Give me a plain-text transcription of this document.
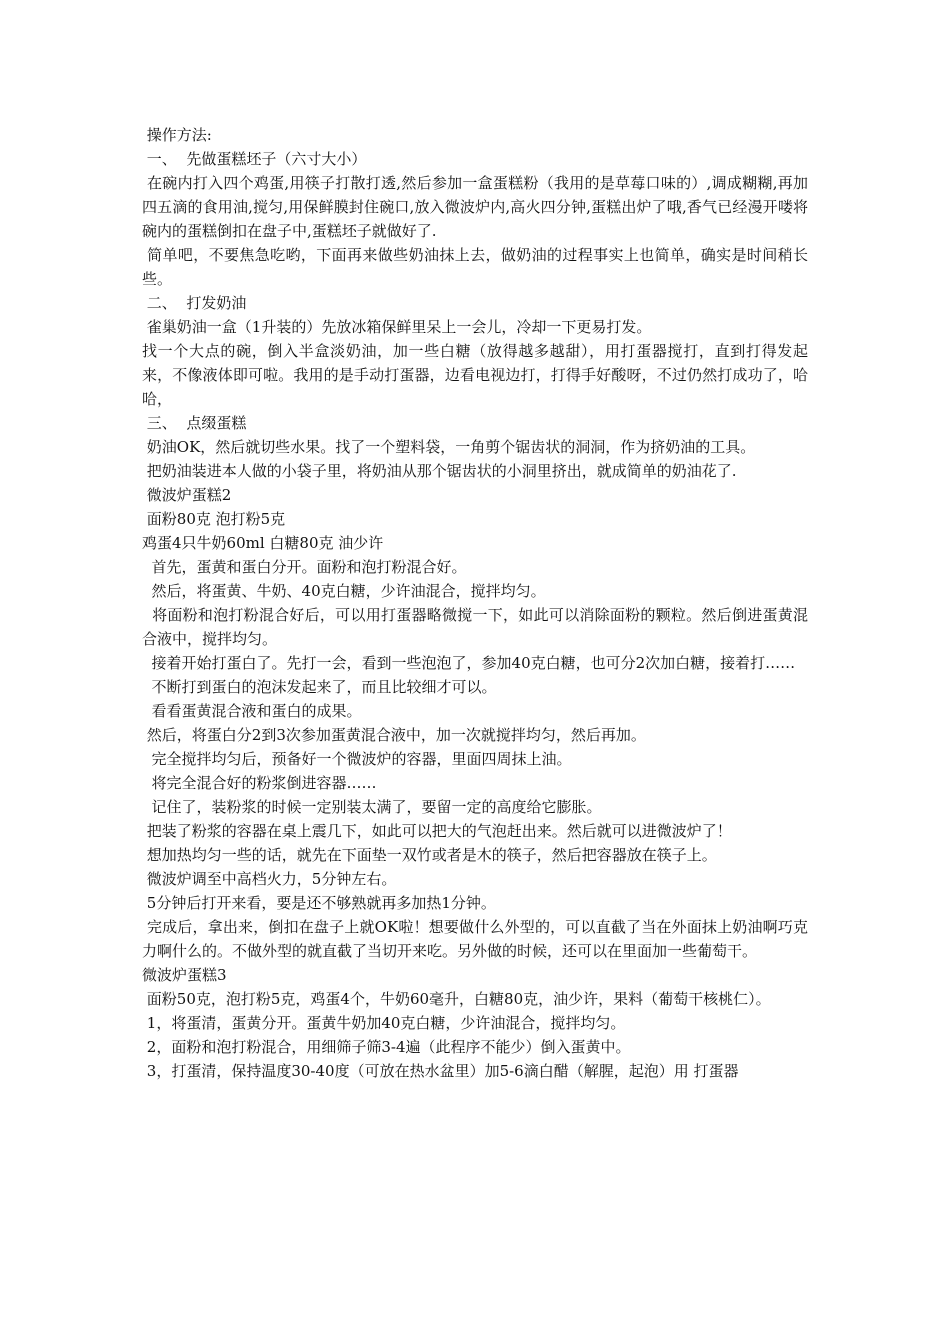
操作方法:

一、  先做蛋糕坯子（六寸大小）

在碗内打入四个鸡蛋,用筷子打散打透,然后参加一盒蛋糕粉（我用的是草莓口味的）,调成糊糊,再加四五滴的食用油,搅匀,用保鲜膜封住碗口,放入微波炉内,高火四分钟,蛋糕出炉了哦,香气已经漫开喽将碗内的蛋糕倒扣在盘子中,蛋糕坯子就做好了.

简单吧，不要焦急吃哟，下面再来做些奶油抹上去，做奶油的过程事实上也简单，确实是时间稍长些。

二、  打发奶油

雀巢奶油一盒（1升装的）先放冰箱保鲜里呆上一会儿，冷却一下更易打发。

找一个大点的碗，倒入半盒淡奶油，加一些白糖（放得越多越甜），用打蛋器搅打，直到打得发起来，不像液体即可啦。我用的是手动打蛋器，边看电视边打，打得手好酸呀，不过仍然打成功了，哈哈，

三、  点缀蛋糕

奶油OK，然后就切些水果。找了一个塑料袋，一角剪个锯齿状的洞洞，作为挤奶油的工具。

把奶油装进本人做的小袋子里，将奶油从那个锯齿状的小洞里挤出，就成简单的奶油花了.

微波炉蛋糕2

面粉80克 泡打粉5克

鸡蛋4只牛奶60ml 白糖80克 油少许

首先，蛋黄和蛋白分开。面粉和泡打粉混合好。

然后，将蛋黄、牛奶、40克白糖，少许油混合，搅拌均匀。

将面粉和泡打粉混合好后，可以用打蛋器略微搅一下，如此可以消除面粉的颗粒。然后倒进蛋黄混合液中，搅拌均匀。

接着开始打蛋白了。先打一会，看到一些泡泡了，参加40克白糖，也可分2次加白糖，接着打……

不断打到蛋白的泡沫发起来了，而且比较细才可以。

看看蛋黄混合液和蛋白的成果。

然后，将蛋白分2到3次参加蛋黄混合液中，加一次就搅拌均匀，然后再加。

完全搅拌均匀后，预备好一个微波炉的容器，里面四周抹上油。

将完全混合好的粉浆倒进容器……

记住了，装粉浆的时候一定别装太满了，要留一定的高度给它膨胀。

把装了粉浆的容器在桌上震几下，如此可以把大的气泡赶出来。然后就可以进微波炉了！

想加热均匀一些的话，就先在下面垫一双竹或者是木的筷子，然后把容器放在筷子上。

微波炉调至中高档火力，5分钟左右。

5分钟后打开来看，要是还不够熟就再多加热1分钟。

完成后，拿出来，倒扣在盘子上就OK啦！想要做什么外型的，可以直截了当在外面抹上奶油啊巧克力啊什么的。不做外型的就直截了当切开来吃。另外做的时候，还可以在里面加一些葡萄干。

微波炉蛋糕3

面粉50克，泡打粉5克，鸡蛋4个，牛奶60毫升，白糖80克，油少许，果料（葡萄干核桃仁）。

1，将蛋清，蛋黄分开。蛋黄牛奶加40克白糖，少许油混合，搅拌均匀。

2，面粉和泡打粉混合，用细筛子筛3-4遍（此程序不能少）倒入蛋黄中。

3，打蛋清，保持温度30-40度（可放在热水盆里）加5-6滴白醋（解腥，起泡）用 打蛋器
